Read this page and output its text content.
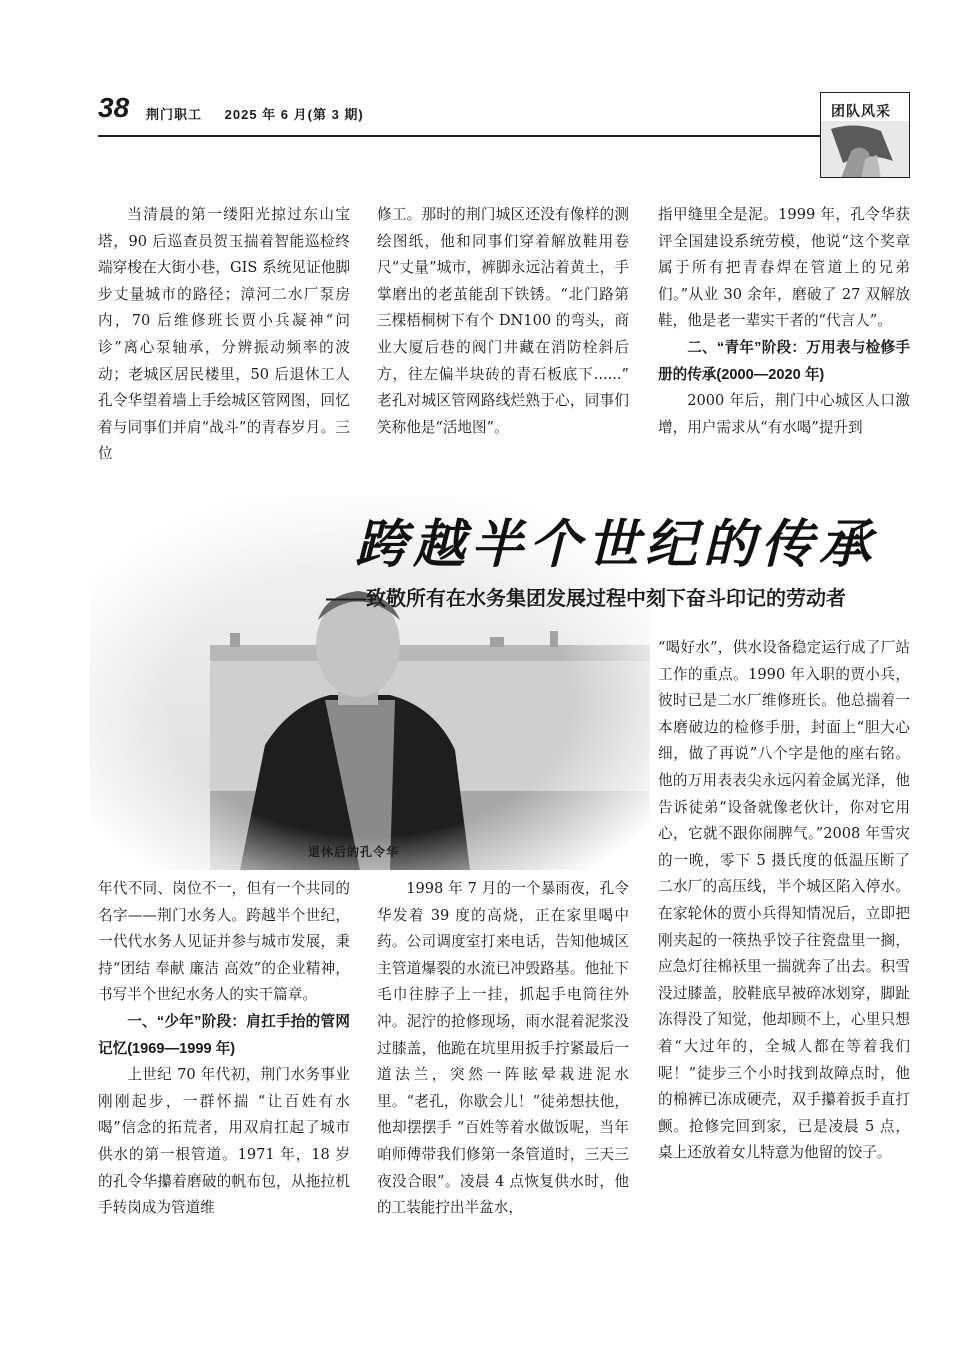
38 荆门职工 2025 年 6 月(第 3 期)	团队风采

当清晨的第一缕阳光掠过东山宝塔，90 后巡查员贺玉揣着智能巡检终端穿梭在大街小巷，GIS 系统见证他脚步丈量城市的路径；漳河二水厂泵房内，70 后维修班长贾小兵凝神“问诊”离心泵轴承，分辨振动频率的波动；老城区居民楼里，50 后退休工人孔令华望着墙上手绘城区管网图，回忆着与同事们并肩“战斗”的青春岁月。三位

修工。那时的荆门城区还没有像样的测绘图纸，他和同事们穿着解放鞋用卷尺“丈量”城市，裤脚永远沾着黄土，手掌磨出的老茧能刮下铁锈。“北门路第三棵梧桐树下有个 DN100 的弯头，商业大厦后巷的阀门井藏在消防栓斜后方，往左偏半块砖的青石板底下......” 老孔对城区管网路线烂熟于心，同事们笑称他是“活地图”。

指甲缝里全是泥。1999 年，孔令华获评全国建设系统劳模，他说“这个奖章属于所有把青春焊在管道上的兄弟们。”从业 30 余年，磨破了 27 双解放鞋，他是老一辈实干者的“代言人”。

二、“青年”阶段：万用表与检修手册的传承(2000—2020 年)

2000 年后，荆门中心城区人口激增，用户需求从“有水喝”提升到

退休后的孔令华
跨越半个世纪的传承
——致敬所有在水务集团发展过程中刻下奋斗印记的劳动者

年代不同、岗位不一，但有一个共同的名字——荆门水务人。跨越半个世纪，一代代水务人见证并参与城市发展，秉持“团结 奉献 廉洁 高效”的企业精神，书写半个世纪水务人的实干篇章。

一、“少年”阶段：肩扛手抬的管网记忆(1969—1999 年)

上世纪 70 年代初，荆门水务事业刚刚起步，一群怀揣 “让百姓有水喝”信念的拓荒者，用双肩扛起了城市供水的第一根管道。1971 年，18 岁的孔令华攥着磨破的帆布包，从拖拉机手转岗成为管道维

1998 年 7 月的一个暴雨夜，孔令华发着 39 度的高烧，正在家里喝中药。公司调度室打来电话，告知他城区主管道爆裂的水流已冲毁路基。他扯下毛巾往脖子上一挂，抓起手电筒往外冲。泥泞的抢修现场，雨水混着泥浆没过膝盖，他跪在坑里用扳手拧紧最后一道法兰，突然一阵眩晕栽进泥水里。“老孔，你歇会儿！”徒弟想扶他，他却摆摆手 “百姓等着水做饭呢，当年咱师傅带我们修第一条管道时，三天三夜没合眼”。凌晨 4 点恢复供水时，他的工装能拧出半盆水，

“喝好水”，供水设备稳定运行成了厂站工作的重点。1990 年入职的贾小兵，彼时已是二水厂维修班长。他总揣着一本磨破边的检修手册，封面上“胆大心细，做了再说”八个字是他的座右铭。他的万用表表尖永远闪着金属光泽，他告诉徒弟“设备就像老伙计，你对它用心，它就不跟你闹脾气。”2008 年雪灾的一晚，零下 5 摄氏度的低温压断了二水厂的高压线，半个城区陷入停水。在家轮休的贾小兵得知情况后，立即把刚夹起的一筷热乎饺子往瓷盘里一搁，应急灯往棉袄里一揣就奔了出去。积雪没过膝盖，胶鞋底早被碎冰划穿，脚趾冻得没了知觉，他却顾不上，心里只想着“大过年的，全城人都在等着我们呢！”徒步三个小时找到故障点时，他的棉裤已冻成硬壳，双手攥着扳手直打颤。抢修完回到家，已是凌晨 5 点，桌上还放着女儿特意为他留的饺子。
